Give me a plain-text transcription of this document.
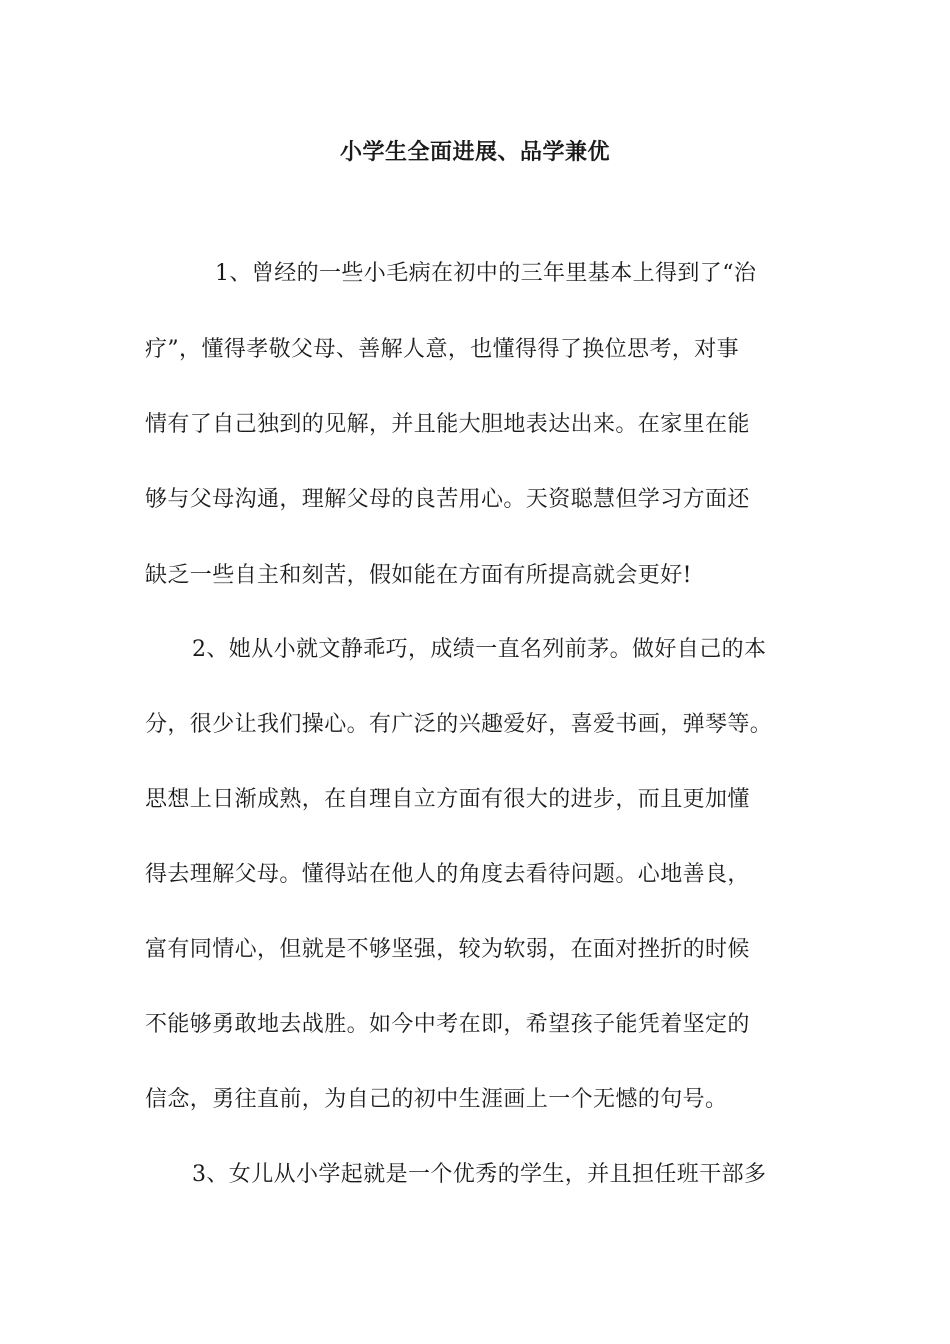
小学生全面进展、品学兼优
1、曾经的一些小毛病在初中的三年里基本上得到了“治
疗”，懂得孝敬父母、善解人意，也懂得得了换位思考，对事
情有了自己独到的见解，并且能大胆地表达出来。在家里在能
够与父母沟通，理解父母的良苦用心。天资聪慧但学习方面还
缺乏一些自主和刻苦，假如能在方面有所提高就会更好!
2、她从小就文静乖巧，成绩一直名列前茅。做好自己的本
分，很少让我们操心。有广泛的兴趣爱好，喜爱书画，弹琴等。
思想上日渐成熟，在自理自立方面有很大的进步，而且更加懂
得去理解父母。懂得站在他人的角度去看待问题。心地善良，
富有同情心，但就是不够坚强，较为软弱，在面对挫折的时候
不能够勇敢地去战胜。如今中考在即，希望孩子能凭着坚定的
信念，勇往直前，为自己的初中生涯画上一个无憾的句号。
3、女儿从小学起就是一个优秀的学生，并且担任班干部多
